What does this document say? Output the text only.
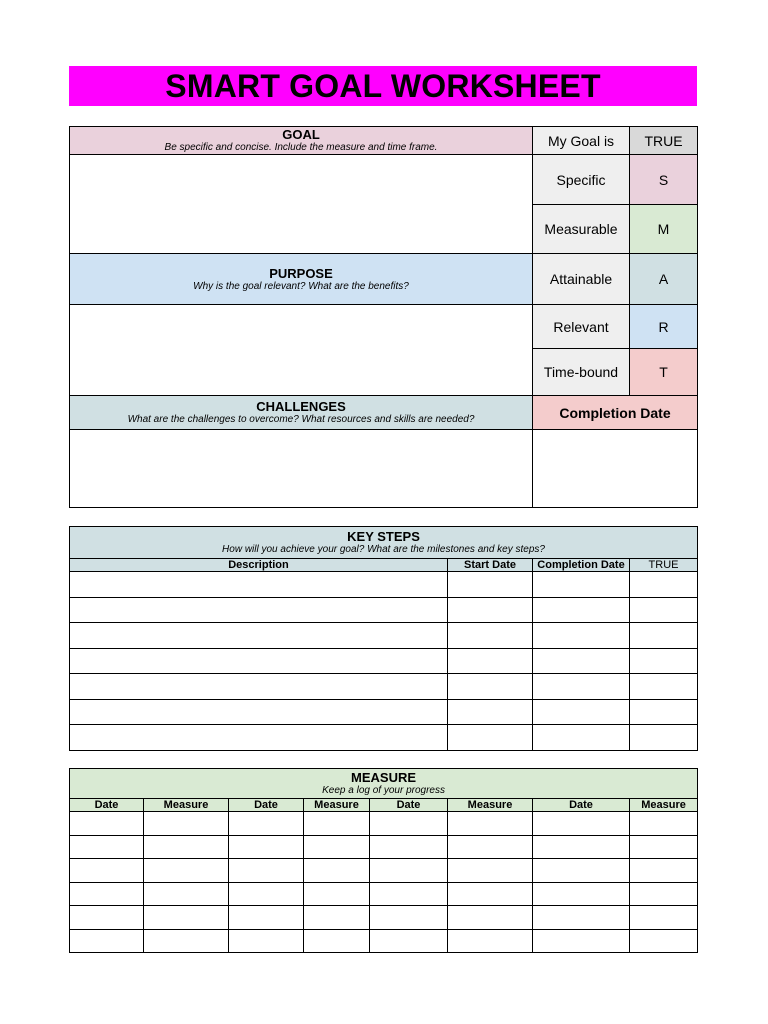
SMART GOAL WORKSHEET
GOAL
Be specific and concise. Include the measure and time frame.	My Goal is	TRUE
	Specific	S
	Measurable	M

PURPOSE
Why is the goal relevant? What are the benefits?	Attainable	A
	Relevant	R
	Time-bound	T

CHALLENGES
What are the challenges to overcome? What resources and skills are needed?	Completion Date	

KEY STEPS
How will you achieve your goal? What are the milestones and key steps?			

Description	Start Date	Completion Date	TRUE

MEASURE
Keep a log of your progress							

Date	Measure	Date	Measure	Date	Measure	Date	Measure
